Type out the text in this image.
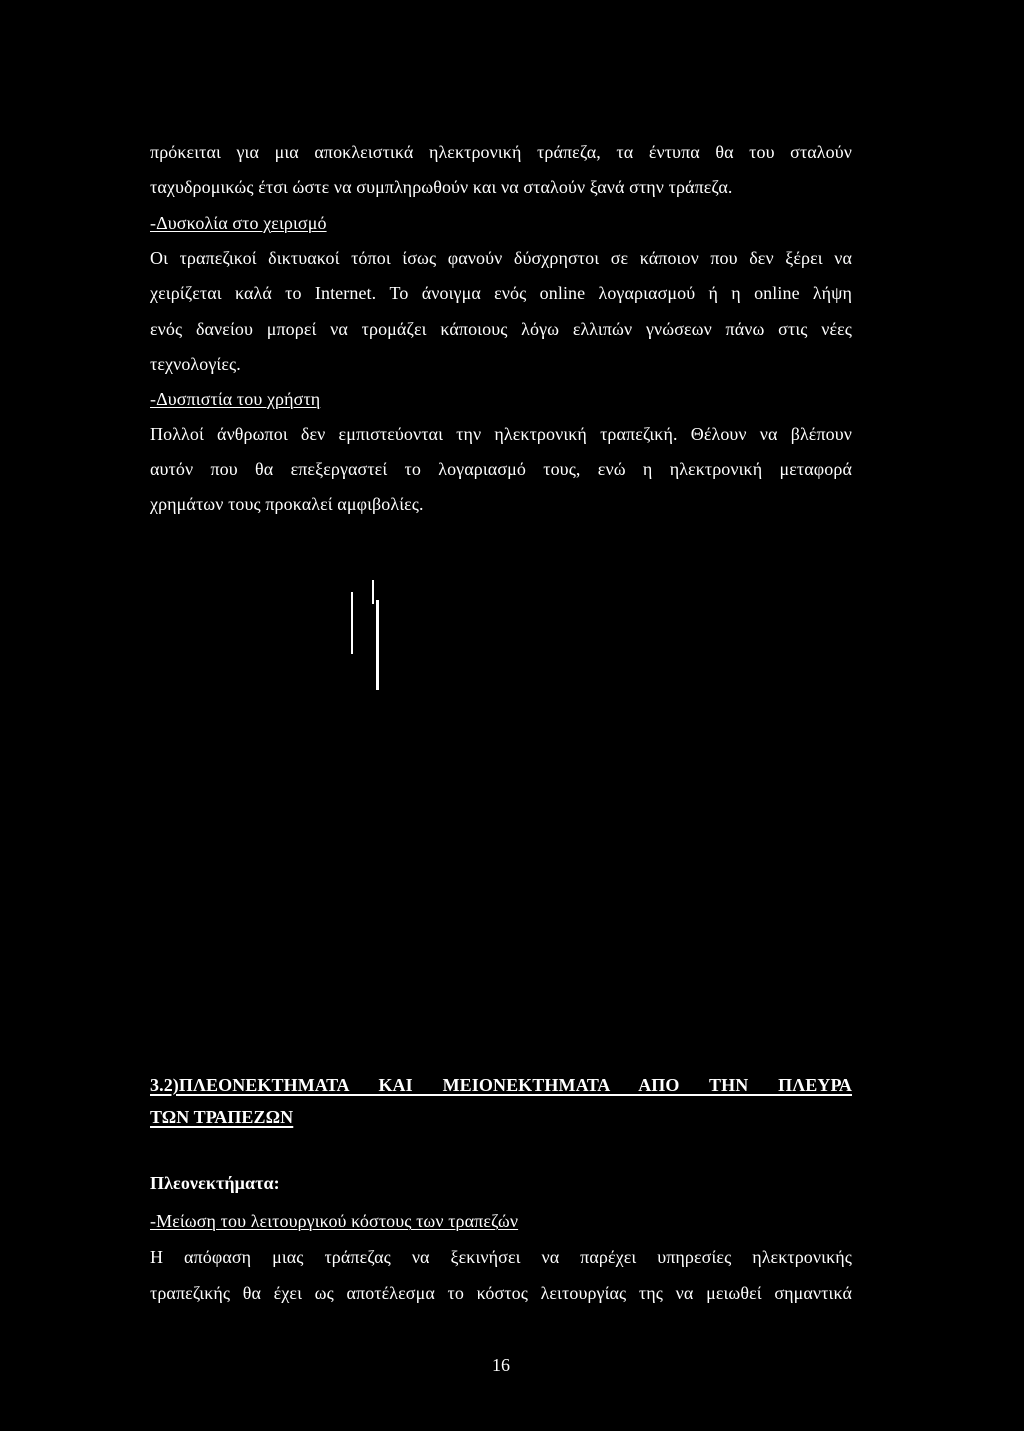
πρόκειται για μια αποκλειστικά ηλεκτρονική τράπεζα, τα έντυπα θα του σταλούν
ταχυδρομικώς έτσι ώστε να συμπληρωθούν και να σταλούν ξανά στην τράπεζα.
-Δυσκολία στο χειρισμό
Οι τραπεζικοί δικτυακοί τόποι ίσως φανούν δύσχρηστοι σε κάποιον που δεν ξέρει να
χειρίζεται καλά το Internet. Το άνοιγμα ενός online λογαριασμού ή η online λήψη
ενός δανείου μπορεί να τρομάζει κάποιους λόγω ελλιπών γνώσεων πάνω στις νέες
τεχνολογίες.
-Δυσπιστία του χρήστη
Πολλοί άνθρωποι δεν εμπιστεύονται την ηλεκτρονική τραπεζική. Θέλουν να βλέπουν
αυτόν που θα επεξεργαστεί το λογαριασμό τους, ενώ η ηλεκτρονική μεταφορά
χρημάτων τους προκαλεί αμφιβολίες.
3.2)ΠΛΕΟΝΕΚΤΗΜΑΤΑ ΚΑΙ ΜΕΙΟΝΕΚΤΗΜΑΤΑ ΑΠΟ ΤΗΝ ΠΛΕΥΡΑ
ΤΩΝ ΤΡΑΠΕΖΩΝ
Πλεονεκτήματα:
-Μείωση του λειτουργικού κόστους των τραπεζών
Η απόφαση μιας τράπεζας να ξεκινήσει να παρέχει υπηρεσίες ηλεκτρονικής
τραπεζικής θα έχει ως αποτέλεσμα το κόστος λειτουργίας της να μειωθεί σημαντικά
16
